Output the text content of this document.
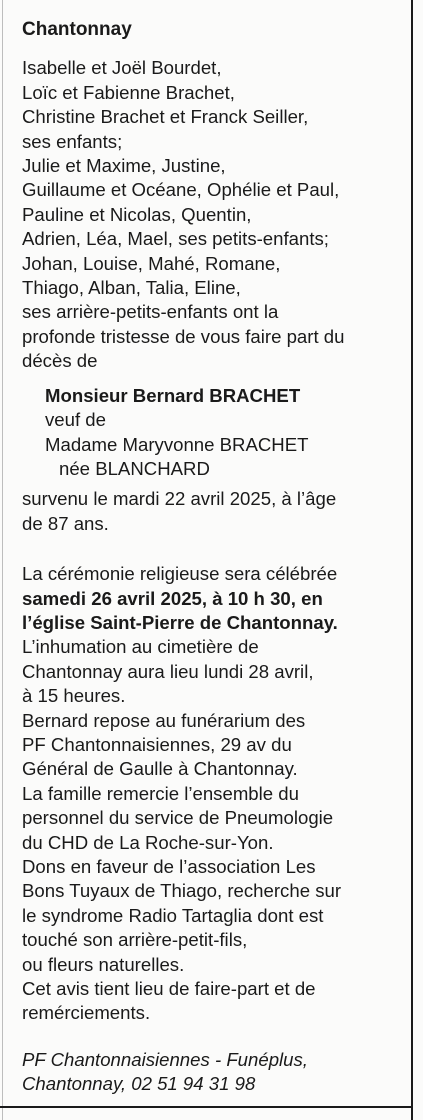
Chantonnay
Isabelle et Joël Bourdet,
Loïc et Fabienne Brachet,
Christine Brachet et Franck Seiller,
ses enfants;
Julie et Maxime, Justine,
Guillaume et Océane, Ophélie et Paul,
Pauline et Nicolas, Quentin,
Adrien, Léa, Mael, ses petits-enfants;
Johan, Louise, Mahé, Romane,
Thiago, Alban, Talia, Eline,
ses arrière-petits-enfants ont la
profonde tristesse de vous faire part du
décès de
Monsieur Bernard BRACHET
veuf de
Madame Maryvonne BRACHET
née BLANCHARD
survenu le mardi 22 avril 2025, à l’âge
de 87 ans.
La cérémonie religieuse sera célébrée
samedi 26 avril 2025, à 10 h 30, en
l’église Saint-Pierre de Chantonnay.
L’inhumation au cimetière de
Chantonnay aura lieu lundi 28 avril,
à 15 heures.
Bernard repose au funérarium des
PF Chantonnaisiennes, 29 av du
Général de Gaulle à Chantonnay.
La famille remercie l’ensemble du
personnel du service de Pneumologie
du CHD de La Roche-sur-Yon.
Dons en faveur de l’association Les
Bons Tuyaux de Thiago, recherche sur
le syndrome Radio Tartaglia dont est
touché son arrière-petit-fils,
ou fleurs naturelles.
Cet avis tient lieu de faire-part et de
remérciements.
PF Chantonnaisiennes - Funéplus,
Chantonnay, 02 51 94 31 98
